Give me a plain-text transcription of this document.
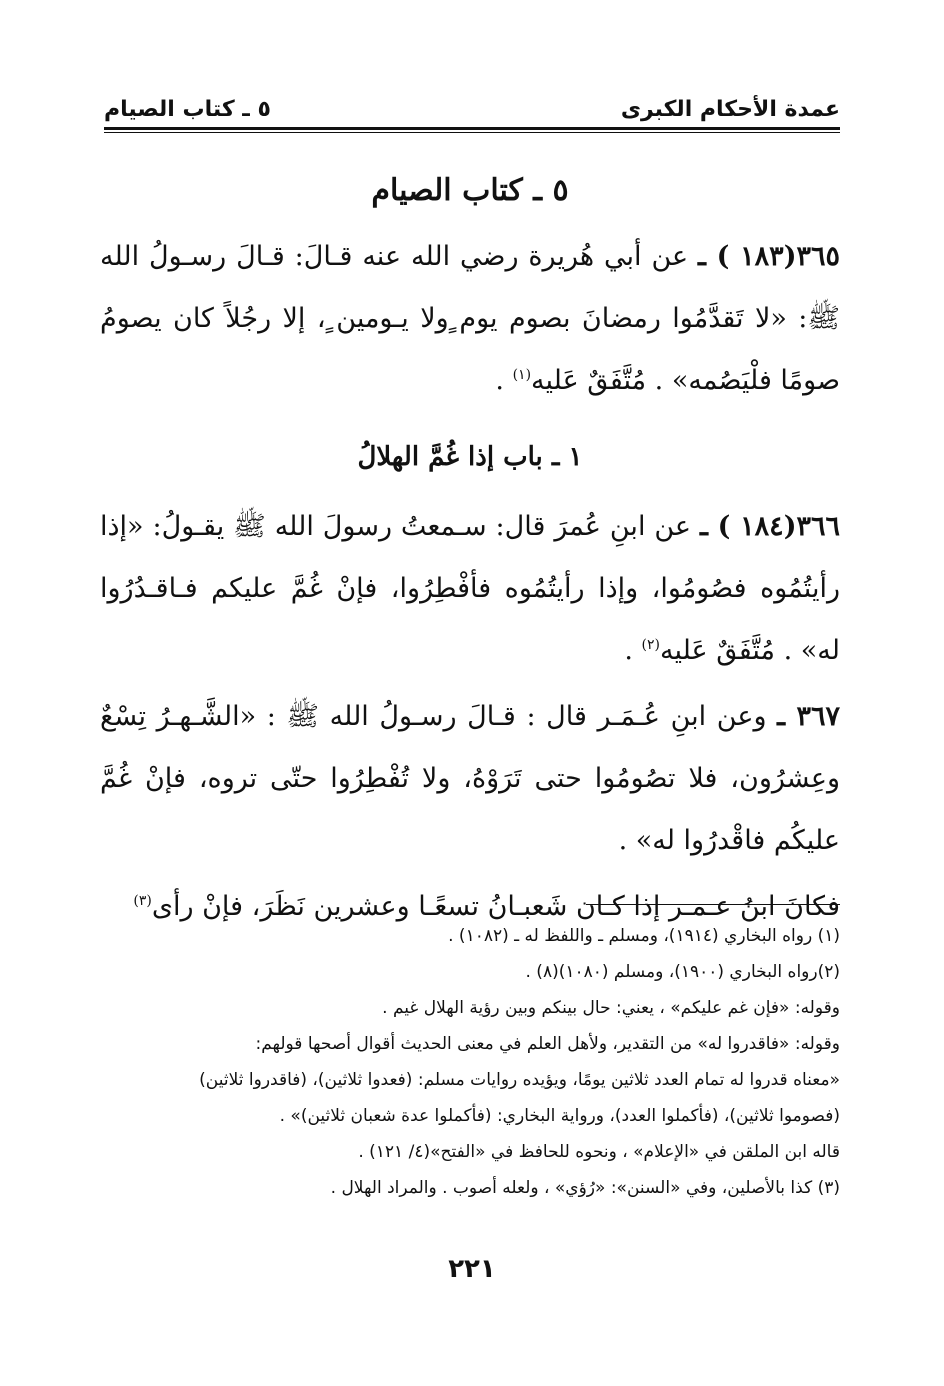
عمدة الأحكام الكبرى
٥ ـ كتاب الصيام
٥ ـ كتاب الصيام

٣٦٥(١٨٣ ) ـ عن أبي هُريرة رضي الله عنه قـالَ: قـالَ رسـولُ الله ﷺ: «لا تَقدَّمُوا رمضانَ بصوم يوم ٍولا يـومين ٍ، إلا رجُلاً كان يصومُ صومًا فلْيَصُمه» . مُتَّفَقٌ عَليه$^{(١)}$ .

١ ـ باب إذا غُمَّ الهلالُ

٣٦٦(١٨٤ ) ـ عن ابنِ عُمرَ قال: سـمعتُ رسولَ الله ﷺ يقـولُ: «إذا رأيتُمُوه فصُومُوا، وإذا رأيتُمُوه فأفْطِرُوا، فإنْ غُمَّ عليكم فـاقـدُرُوا له» . مُتَّفَقٌ عَليه$^{(٢)}$ .

٣٦٧ ـ وعن ابنِ عُـمَـر قال : قـالَ رسـولُ الله ﷺ : «الشَّـهـرُ تِسْعٌ وعِشرُون، فلا تصُومُوا حتى تَرَوْهُ، ولا تُفْطِرُوا حتّى تروه، فإنْ غُمَّ عليكُم فاقْدرُوا له» .

فكانَ ابنُ عـمـر إذا كـان شَعبـانُ تسعًـا وعشرين نَظَرَ، فإنْ رأى$^{(٣)}$

(١) رواه البخاري (١٩١٤)، ومسلم ـ واللفظ له ـ (١٠٨٢) .
(٢)رواه البخاري (١٩٠٠)، ومسلم (١٠٨٠)(٨) .
وقوله: «فإن غم عليكم» ، يعني: حال بينكم وبين رؤية الهلال غيم .
وقوله: «فاقدروا له» من التقدير، ولأهل العلم في معنى الحديث أقوال أصحها قولهم:
«معناه قدروا له تمام العدد ثلاثين يومًا، ويؤيده روايات مسلم: (فعدوا ثلاثين)، (فاقدروا ثلاثين)
(فصوموا ثلاثين)، (فأكملوا العدد)، ورواية البخاري: (فأكملوا عدة شعبان ثلاثين)» .
قاله ابن الملقن في «الإعلام» ، ونحوه للحافظ في «الفتح»(٤/ ١٢١) .
(٣) كذا بالأصلين، وفي «السنن»: «رُؤي» ، ولعله أصوب . والمراد الهلال .
٢٢١
